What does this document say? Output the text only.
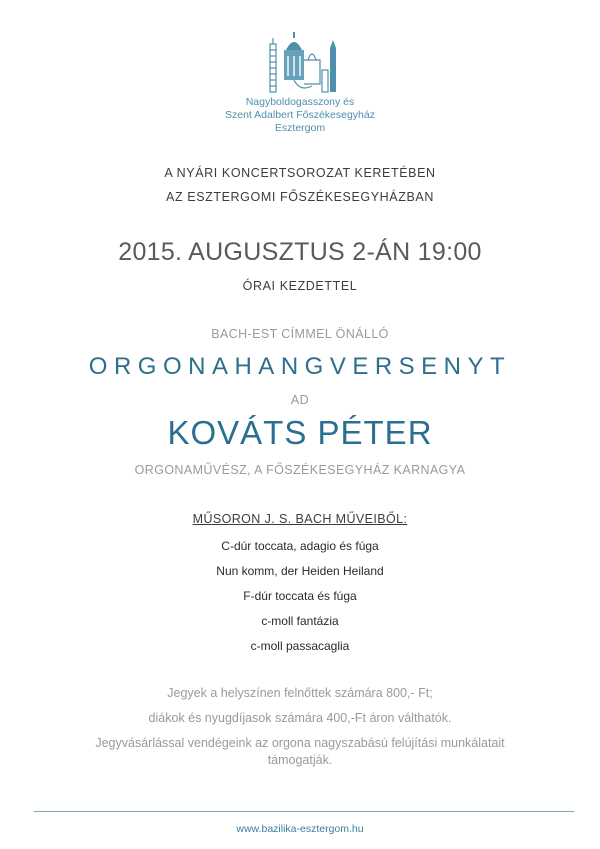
Nagyboldogasszony és
Szent Adalbert Főszékesegyház
Esztergom
A NYÁRI KONCERTSOROZAT KERETÉBEN
AZ ESZTERGOMI FŐSZÉKESEGYHÁZBAN
2015. AUGUSZTUS 2-ÁN 19:00
ÓRAI KEZDETTEL
BACH-EST CÍMMEL ÖNÁLLÓ
ORGONAHANGVERSENYT
AD
KOVÁTS PÉTER
ORGONAMŰVÉSZ, A FŐSZÉKESEGYHÁZ KARNAGYA
MŰSORON J. S. BACH MŰVEIBŐL:
C-dúr toccata, adagio és fúga
Nun komm, der Heiden Heiland
F-dúr toccata és fúga
c-moll fantázia
c-moll passacaglia
Jegyek a helyszínen felnőttek számára 800,- Ft;
diákok és nyugdíjasok számára 400,-Ft áron válthatók.
Jegyvásárlással vendégeink az orgona nagyszabású felújítási munkálatait
támogatják.
www.bazilika-esztergom.hu
